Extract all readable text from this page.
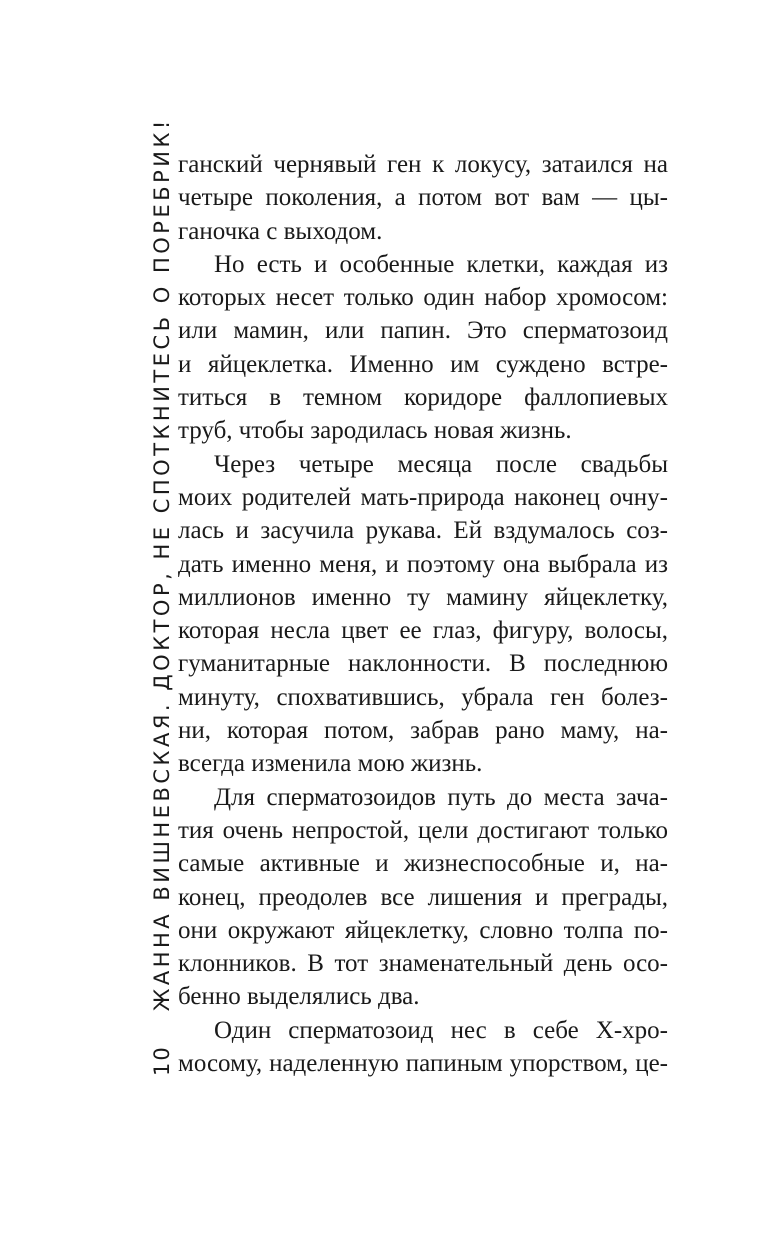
10
ЖАННА ВИШНЕВСКАЯ. ДОКТОР, НЕ СПОТКНИТЕСЬ О ПОРЕБРИК! ганский чернявый ген к локусу, затаился на
четыре поколения, а потом вот вам — цы-
ганочка с выходом.
Но есть и особенные клетки, каждая из
которых несет только один набор хромосом:
или мамин, или папин. Это сперматозоид
и яйцеклетка. Именно им суждено встре-
титься в темном коридоре фаллопиевых
труб, чтобы зародилась новая жизнь.
Через четыре месяца после свадьбы
моих родителей мать-природа наконец очну-
лась и засучила рукава. Ей вздумалось соз-
дать именно меня, и поэтому она выбрала из
миллионов именно ту мамину яйцеклетку,
которая несла цвет ее глаз, фигуру, волосы,
гуманитарные наклонности. В последнюю
минуту, спохватившись, убрала ген болез-
ни, которая потом, забрав рано маму, на-
всегда изменила мою жизнь.
Для сперматозоидов путь до места зача-
тия очень непростой, цели достигают только
самые активные и жизнеспособные и, на-
конец, преодолев все лишения и преграды,
они окружают яйцеклетку, словно толпа по-
клонников. В тот знаменательный день осо-
бенно выделялись два.
Один сперматозоид нес в себе Х-хро-
мосому, наделенную папиным упорством, це-
